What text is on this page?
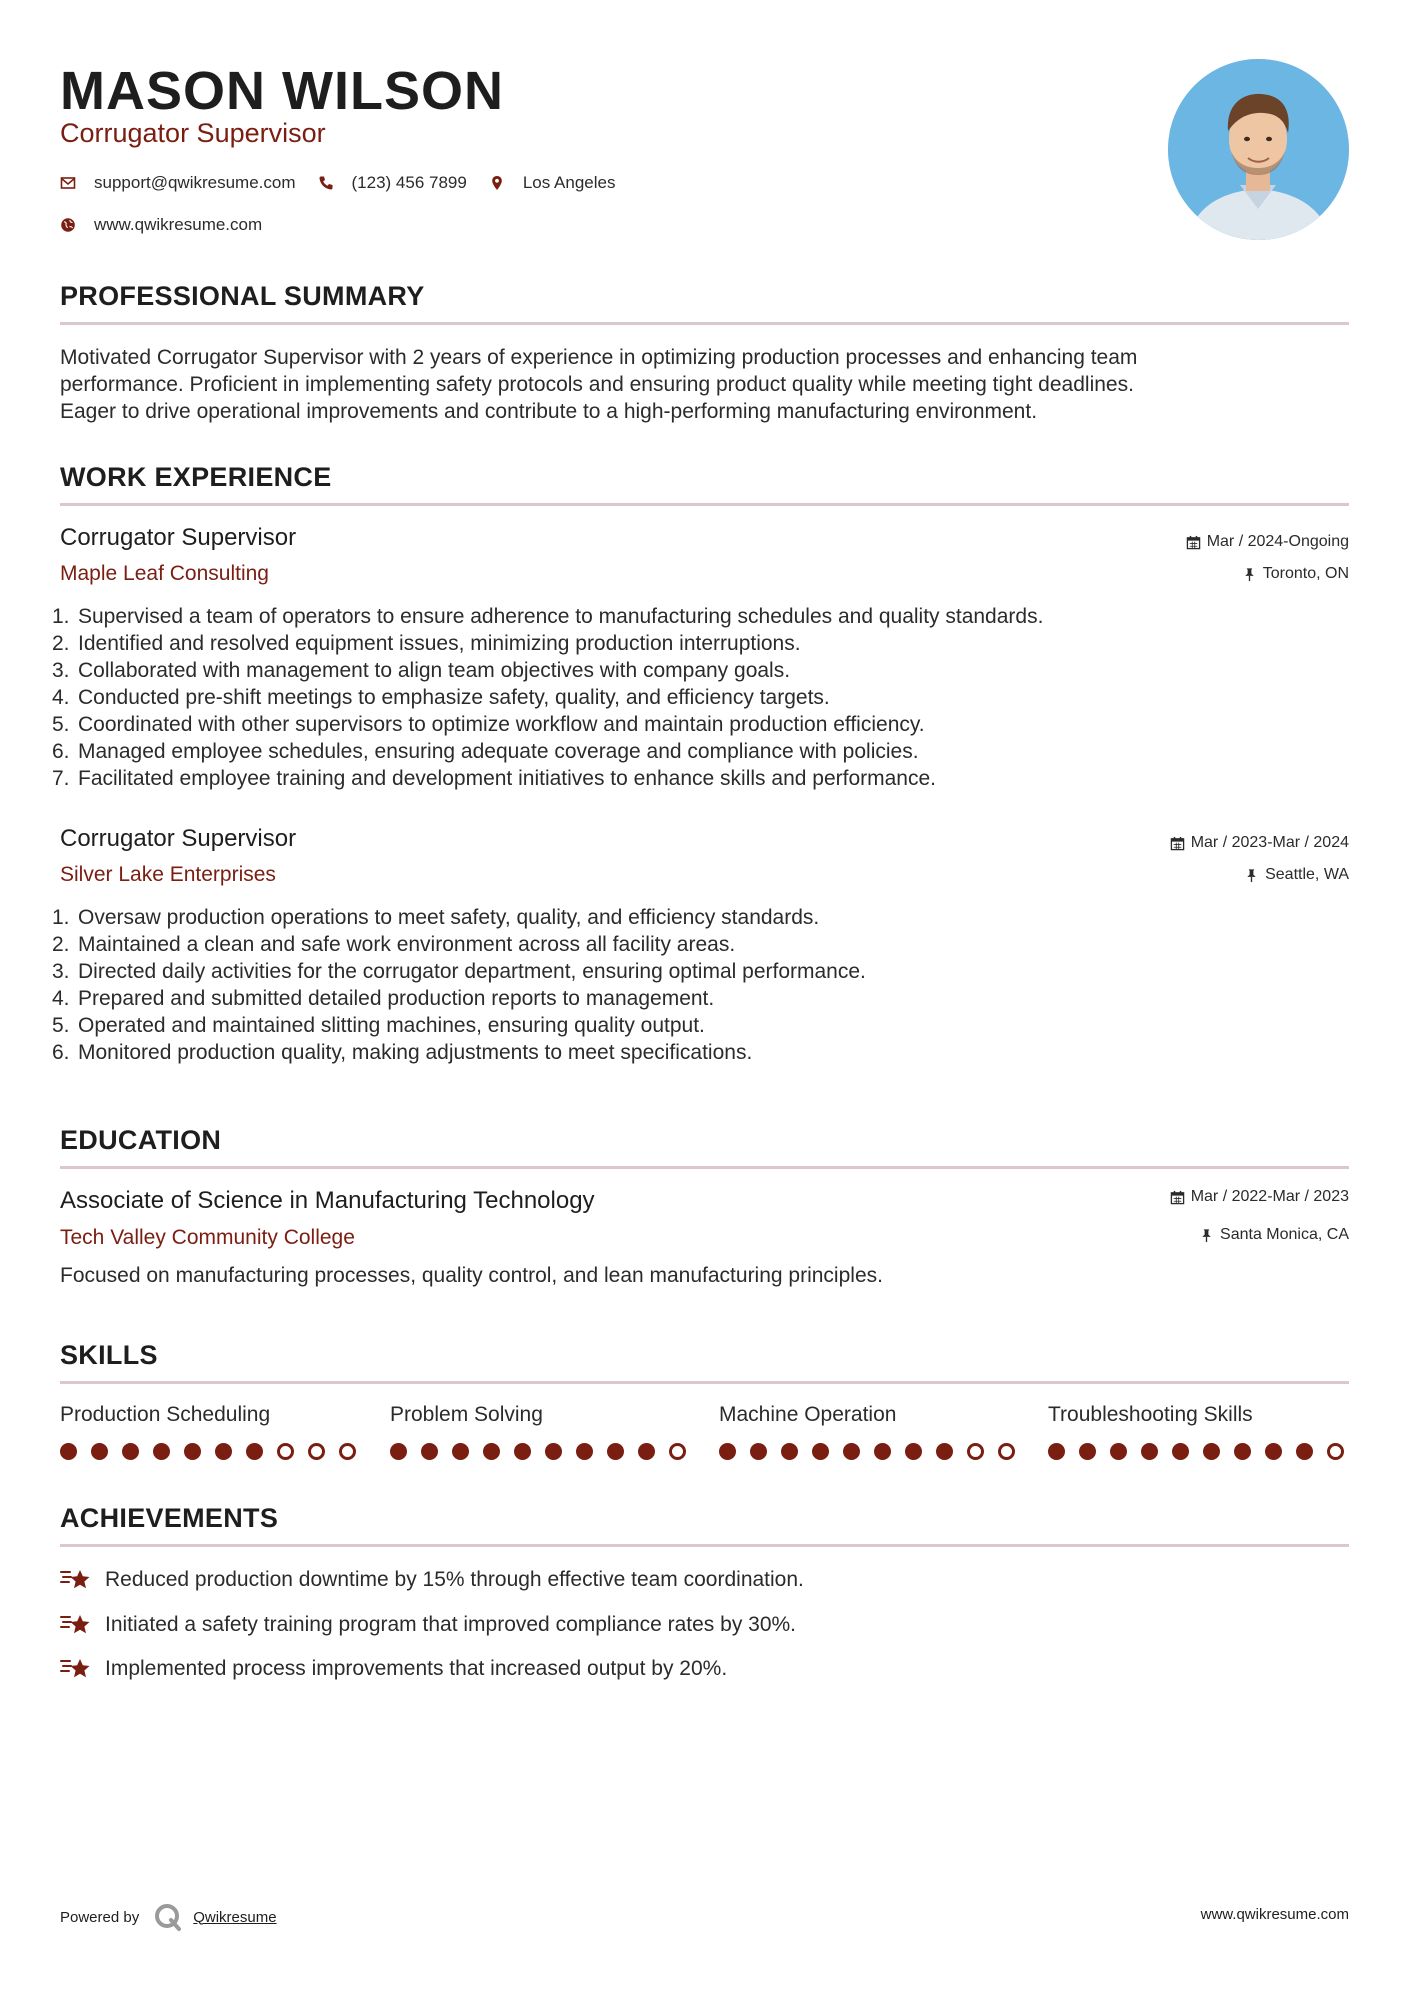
MASON WILSON
Corrugator Supervisor
support@qwikresume.com	(123) 456 7899	Los Angeles
www.qwikresume.com
PROFESSIONAL SUMMARY
Motivated Corrugator Supervisor with 2 years of experience in optimizing production processes and enhancing team
performance. Proficient in implementing safety protocols and ensuring product quality while meeting tight deadlines.
Eager to drive operational improvements and contribute to a high-performing manufacturing environment.
WORK EXPERIENCE
Corrugator Supervisor
Maple Leaf Consulting
Mar / 2024-Ongoing
Toronto, ON
1. Supervised a team of operators to ensure adherence to manufacturing schedules and quality standards.
2. Identified and resolved equipment issues, minimizing production interruptions.
3. Collaborated with management to align team objectives with company goals.
4. Conducted pre-shift meetings to emphasize safety, quality, and efficiency targets.
5. Coordinated with other supervisors to optimize workflow and maintain production efficiency.
6. Managed employee schedules, ensuring adequate coverage and compliance with policies.
7. Facilitated employee training and development initiatives to enhance skills and performance.
Corrugator Supervisor
Silver Lake Enterprises
Mar / 2023-Mar / 2024
Seattle, WA
1. Oversaw production operations to meet safety, quality, and efficiency standards.
2. Maintained a clean and safe work environment across all facility areas.
3. Directed daily activities for the corrugator department, ensuring optimal performance.
4. Prepared and submitted detailed production reports to management.
5. Operated and maintained slitting machines, ensuring quality output.
6. Monitored production quality, making adjustments to meet specifications.
EDUCATION
Associate of Science in Manufacturing Technology
Tech Valley Community College
Mar / 2022-Mar / 2023
Santa Monica, CA
Focused on manufacturing processes, quality control, and lean manufacturing principles.
SKILLS
Production Scheduling	Problem Solving	Machine Operation	Troubleshooting Skills
ACHIEVEMENTS
Reduced production downtime by 15% through effective team coordination.
Initiated a safety training program that improved compliance rates by 30%.
Implemented process improvements that increased output by 20%.
Powered by	Qwikresume	www.qwikresume.com
